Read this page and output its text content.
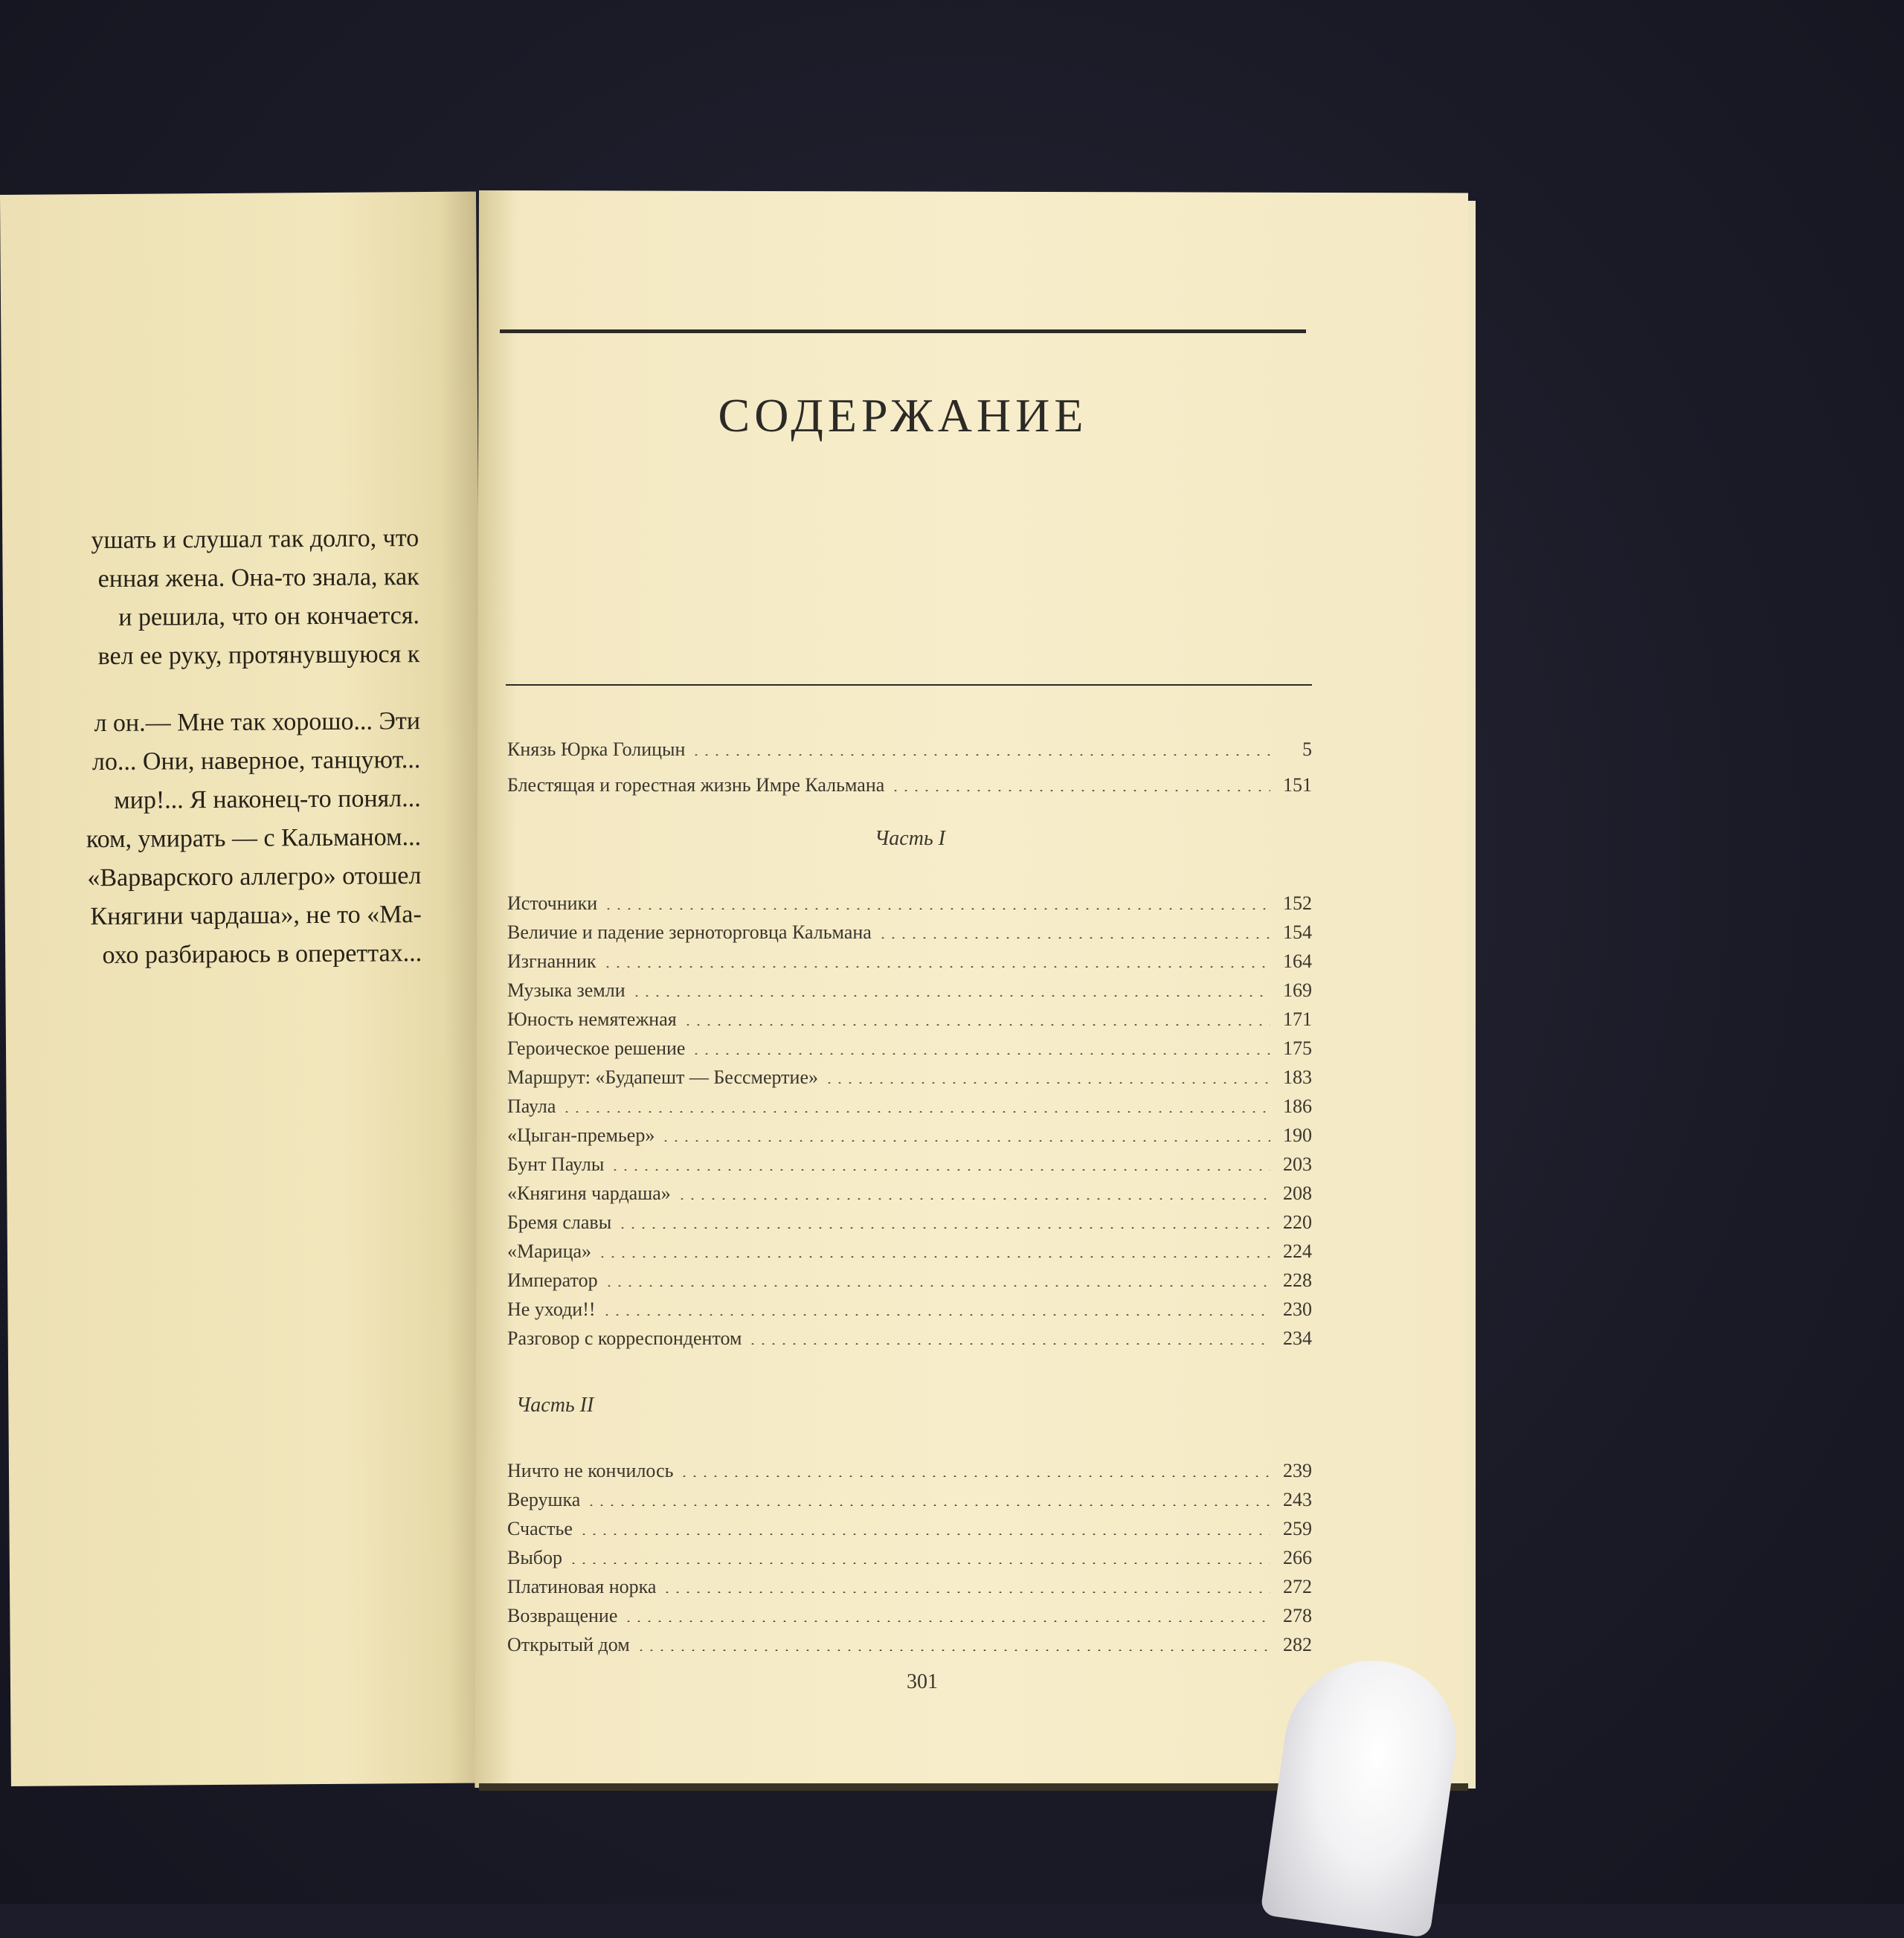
ушать и слушал так долго, что
енная жена. Она-то знала, как
и решила, что он кончается.
вел ее руку, протянувшуюся к
л он.— Мне так хорошо... Эти
ло... Они, наверное, танцуют...
мир!... Я наконец-то понял...
ком, умирать — с Кальманом...
«Варварского аллегро» отошел
Княгини чардаша», не то «Ма-
охо разбираюсь в опереттах...
СОДЕРЖАНИЕ
Князь Юрка Голицын	5
Блестящая и горестная жизнь Имре Кальмана	151
Часть I
Источники	152
Величие и падение зерноторговца Кальмана	154
Изгнанник	164
Музыка земли	169
Юность немятежная	171
Героическое решение	175
Маршрут: «Будапешт — Бессмертие»	183
Паула	186
«Цыган-премьер»	190
Бунт Паулы	203
«Княгиня чардаша»	208
Бремя славы	220
«Марица»	224
Император	228
Не уходи!!	230
Разговор с корреспондентом	234
Часть II
Ничто не кончилось	239
Верушка	243
Счастье	259
Выбор	266
Платиновая норка	272
Возвращение	278
Открытый дом	282
301
